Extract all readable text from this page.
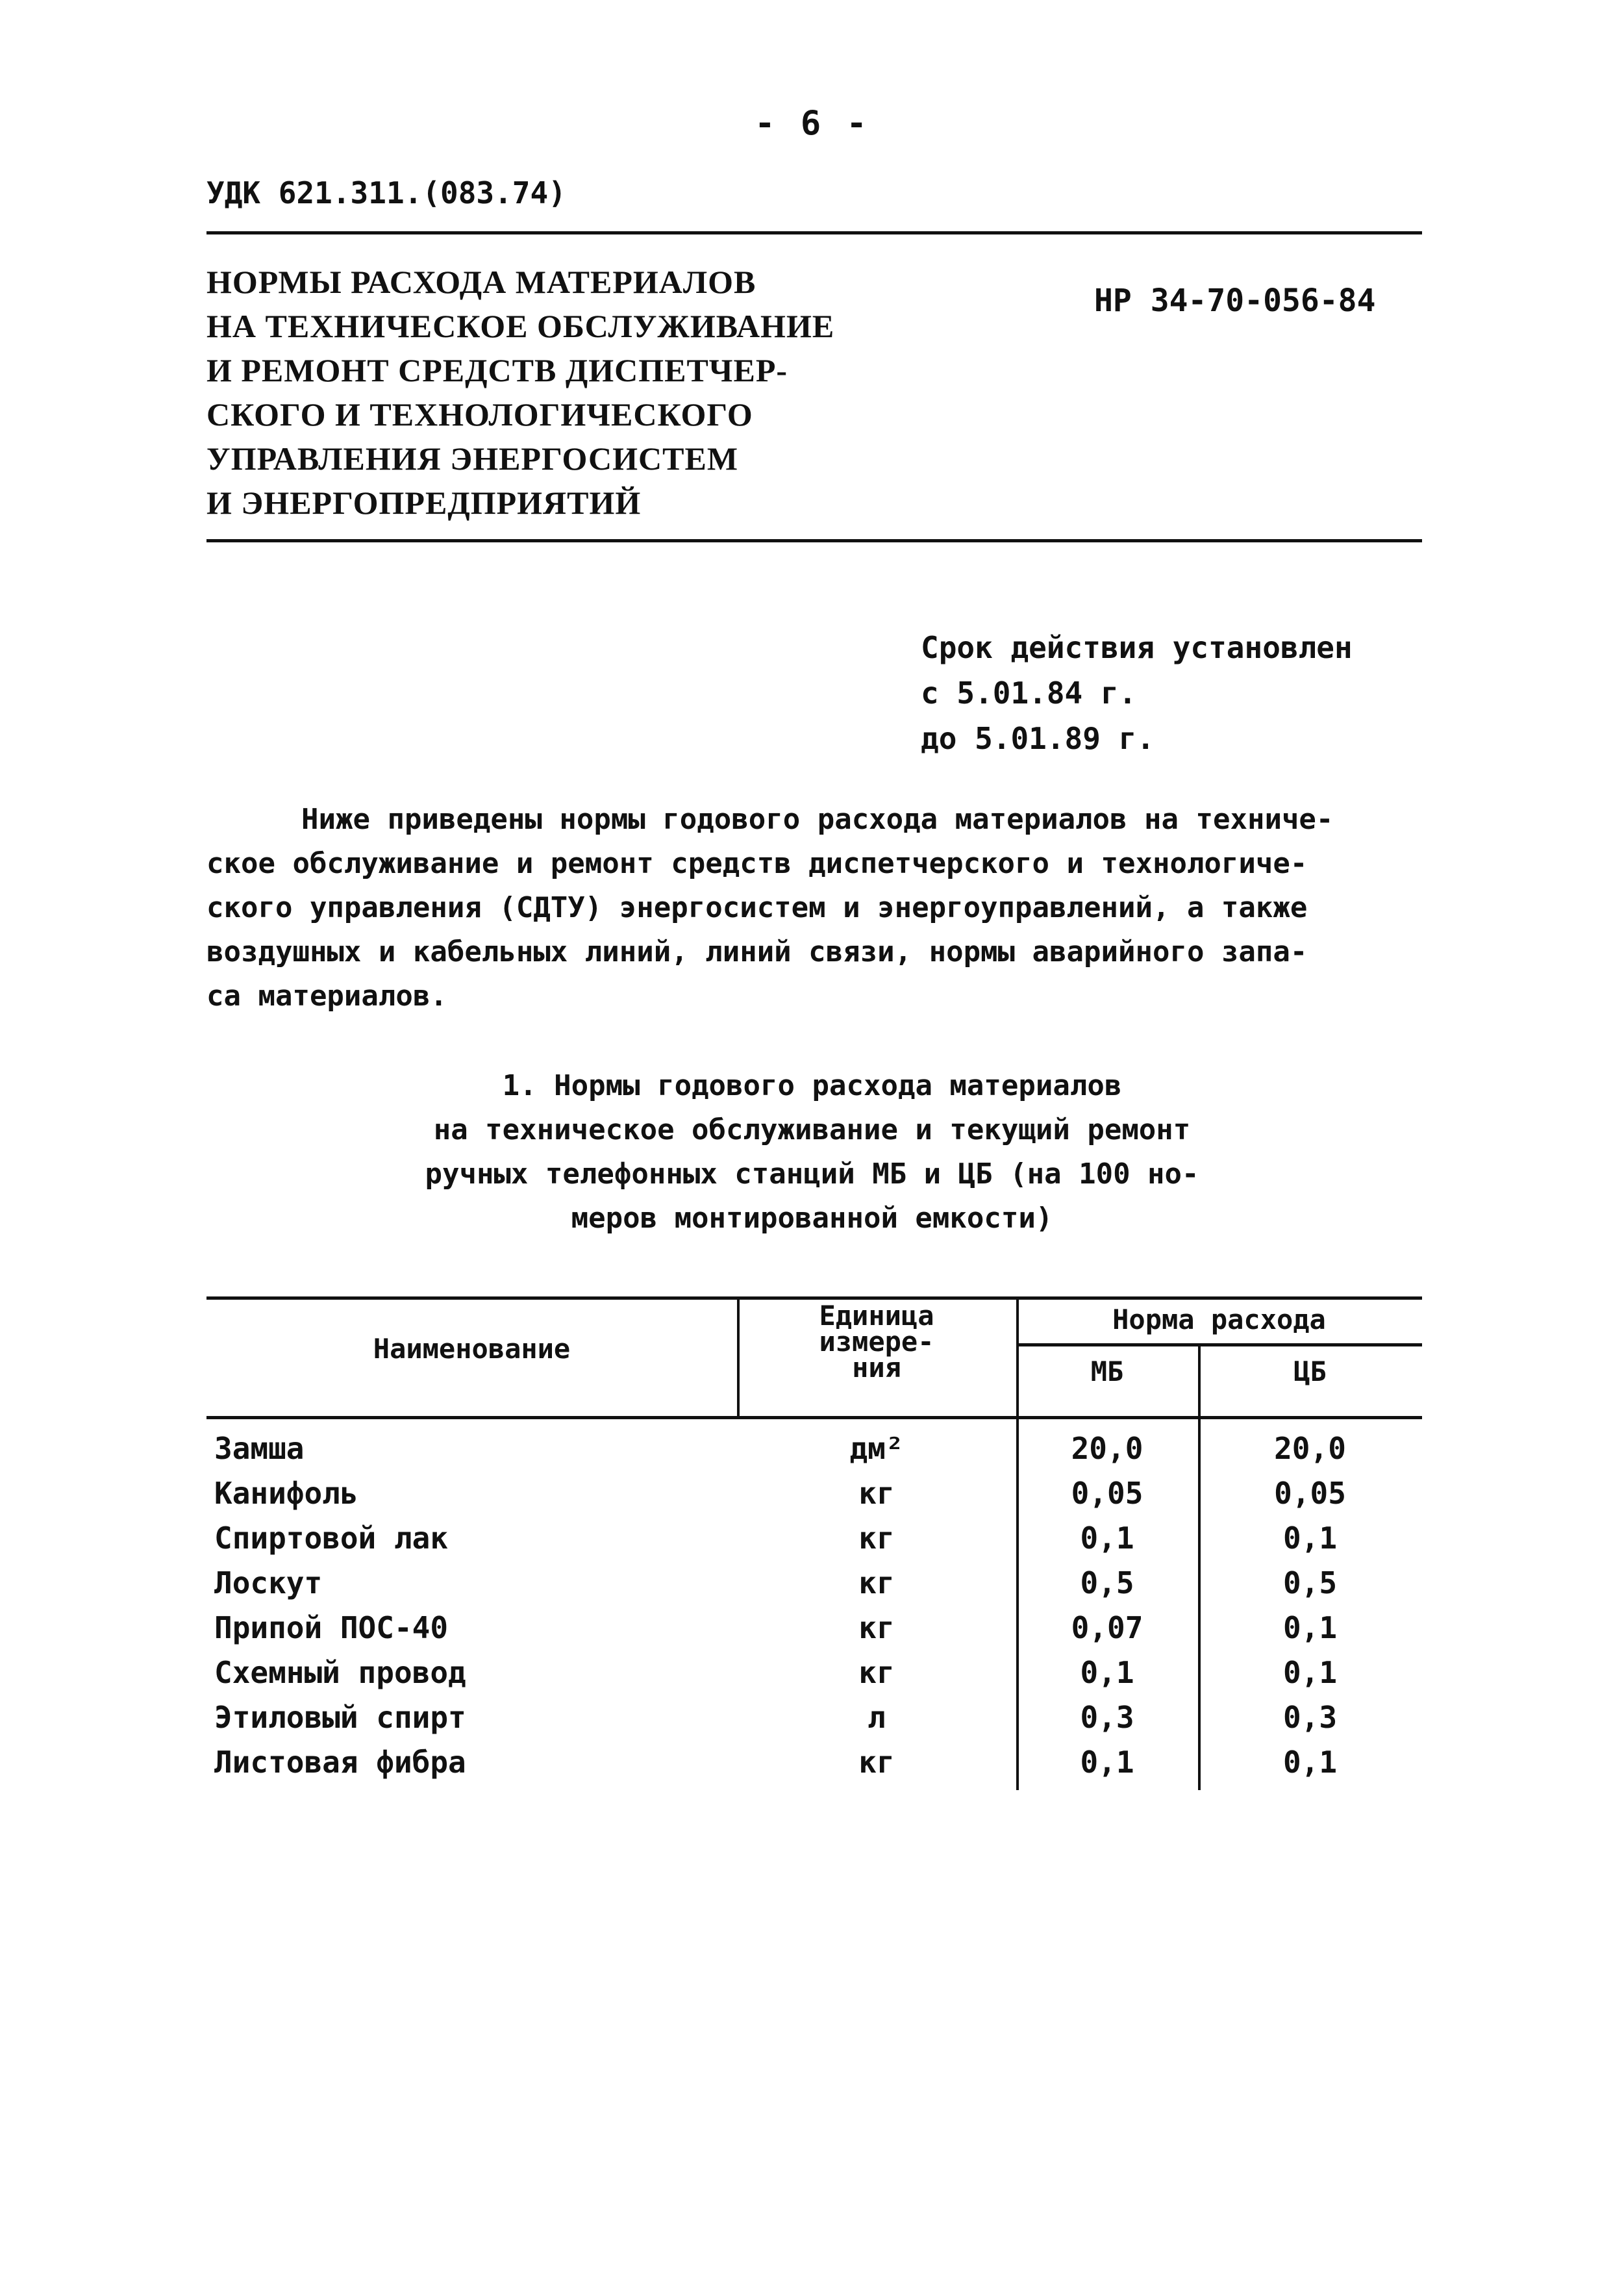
- 6 -
УДК 621.311.(083.74)
НОРМЫ РАСХОДА МАТЕРИАЛОВ
НА ТЕХНИЧЕСКОЕ ОБСЛУЖИВАНИЕ
И РЕМОНТ СРЕДСТВ ДИСПЕТЧЕР-
СКОГО И ТЕХНОЛОГИЧЕСКОГО
УПРАВЛЕНИЯ ЭНЕРГОСИСТЕМ
И ЭНЕРГОПРЕДПРИЯТИЙ
НР 34-70-056-84
Срок действия установлен
с 5.01.84 г.
до 5.01.89 г.
Ниже приведены нормы годового расхода материалов на техниче-
ское обслуживание и ремонт средств диспетчерского и технологиче-
ского управления (СДТУ) энергосистем и энергоуправлений, а также
воздушных и кабельных линий, линий связи, нормы аварийного запа-
са материалов.
1. Нормы годового расхода материалов
на техническое обслуживание и текущий ремонт
ручных телефонных станций МБ и ЦБ (на 100 но-
меров монтированной емкости)
Наименование
Единица
измере-
ния
Норма расхода
МБ	ЦБ
Замша	дм²	20,0	20,0
Канифоль	кг	0,05	0,05
Спиртовой лак	кг	0,1	0,1
Лоскут	кг	0,5	0,5
Припой ПОС-40	кг	0,07	0,1
Схемный провод	кг	0,1	0,1
Этиловый спирт	л	0,3	0,3
Листовая фибра	кг	0,1	0,1
